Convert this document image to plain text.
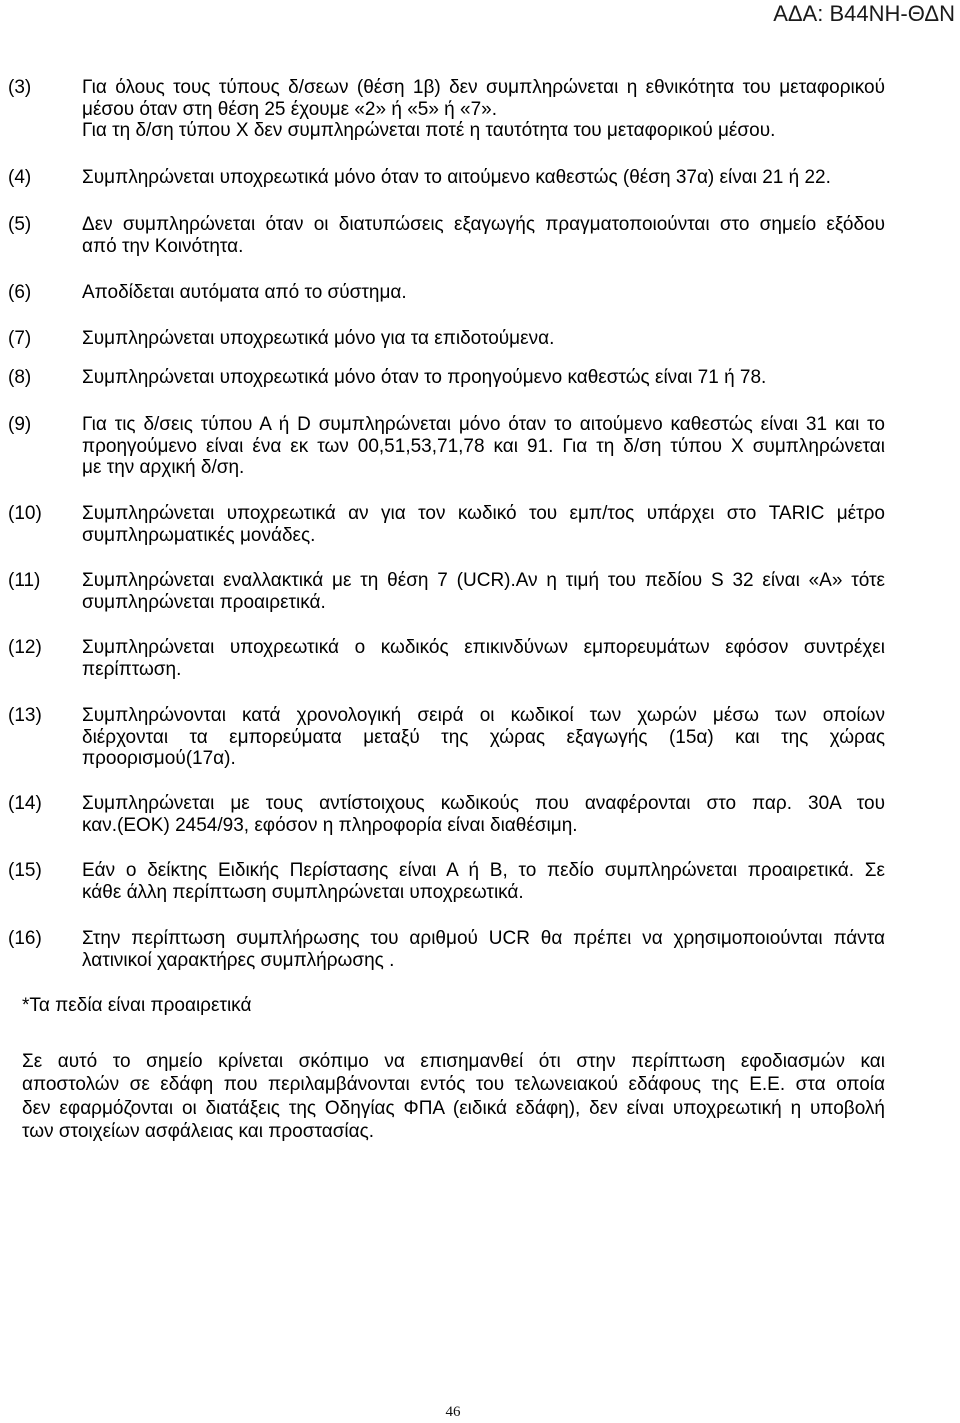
ΑΔΑ: Β44ΝΗ-ΘΔΝ
(3)	Για όλους τους τύπους δ/σεων (θέση 1β) δεν συμπληρώνεται η εθνικότητα του μεταφορικού
μέσου όταν στη θέση 25 έχουμε «2» ή «5» ή «7».
Για τη δ/ση τύπου Χ δεν συμπληρώνεται ποτέ η ταυτότητα του μεταφορικού μέσου.
(4)	Συμπληρώνεται υποχρεωτικά μόνο όταν το αιτούμενο καθεστώς (θέση 37α) είναι 21 ή 22.
(5)	Δεν συμπληρώνεται όταν οι διατυπώσεις εξαγωγής πραγματοποιούνται στο σημείο εξόδου
από την Κοινότητα.
(6)	Αποδίδεται αυτόματα από το σύστημα.
(7)	Συμπληρώνεται υποχρεωτικά μόνο για τα επιδοτούμενα.
(8)	Συμπληρώνεται υποχρεωτικά μόνο όταν το προηγούμενο καθεστώς είναι 71 ή 78.
(9)	Για τις δ/σεις τύπου Α ή D συμπληρώνεται μόνο όταν το αιτούμενο καθεστώς είναι 31 και το
προηγούμενο είναι ένα εκ των 00,51,53,71,78 και 91. Για τη δ/ση τύπου Χ συμπληρώνεται
με την αρχική δ/ση.
(10) Συμπληρώνεται υποχρεωτικά αν για τον κωδικό του εμπ/τος υπάρχει στο TARIC μέτρο
συμπληρωματικές μονάδες.
(11) Συμπληρώνεται εναλλακτικά με τη θέση 7 (UCR).Αν η τιμή του πεδίου S 32 είναι «Α» τότε
συμπληρώνεται προαιρετικά.
(12) Συμπληρώνεται υποχρεωτικά ο κωδικός επικινδύνων εμπορευμάτων εφόσον συντρέχει
περίπτωση.
(13) Συμπληρώνονται κατά χρονολογική σειρά οι κωδικοί των χωρών μέσω των οποίων
διέρχονται τα εμπορεύματα μεταξύ της χώρας εξαγωγής (15α) και της χώρας
προορισμού(17α).
(14) Συμπληρώνεται με τους αντίστοιχους κωδικούς που αναφέρονται στο παρ. 30Α του
καν.(ΕΟΚ) 2454/93, εφόσον η πληροφορία είναι διαθέσιμη.
(15) Εάν ο δείκτης Ειδικής Περίστασης είναι Α ή Β, το πεδίο συμπληρώνεται προαιρετικά. Σε
κάθε άλλη περίπτωση συμπληρώνεται υποχρεωτικά.
(16) Στην περίπτωση συμπλήρωσης του αριθμού UCR θα πρέπει να χρησιμοποιούνται πάντα
λατινικοί χαρακτήρες συμπλήρωσης .
*Τα πεδία είναι προαιρετικά
Σε αυτό το σημείο κρίνεται σκόπιμο να επισημανθεί ότι στην περίπτωση εφοδιασμών και
αποστολών σε εδάφη που περιλαμβάνονται εντός του τελωνειακού εδάφους της Ε.Ε. στα οποία
δεν εφαρμόζονται οι διατάξεις της Οδηγίας ΦΠΑ (ειδικά εδάφη), δεν είναι υποχρεωτική η υποβολή
των στοιχείων ασφάλειας και προστασίας.
46
